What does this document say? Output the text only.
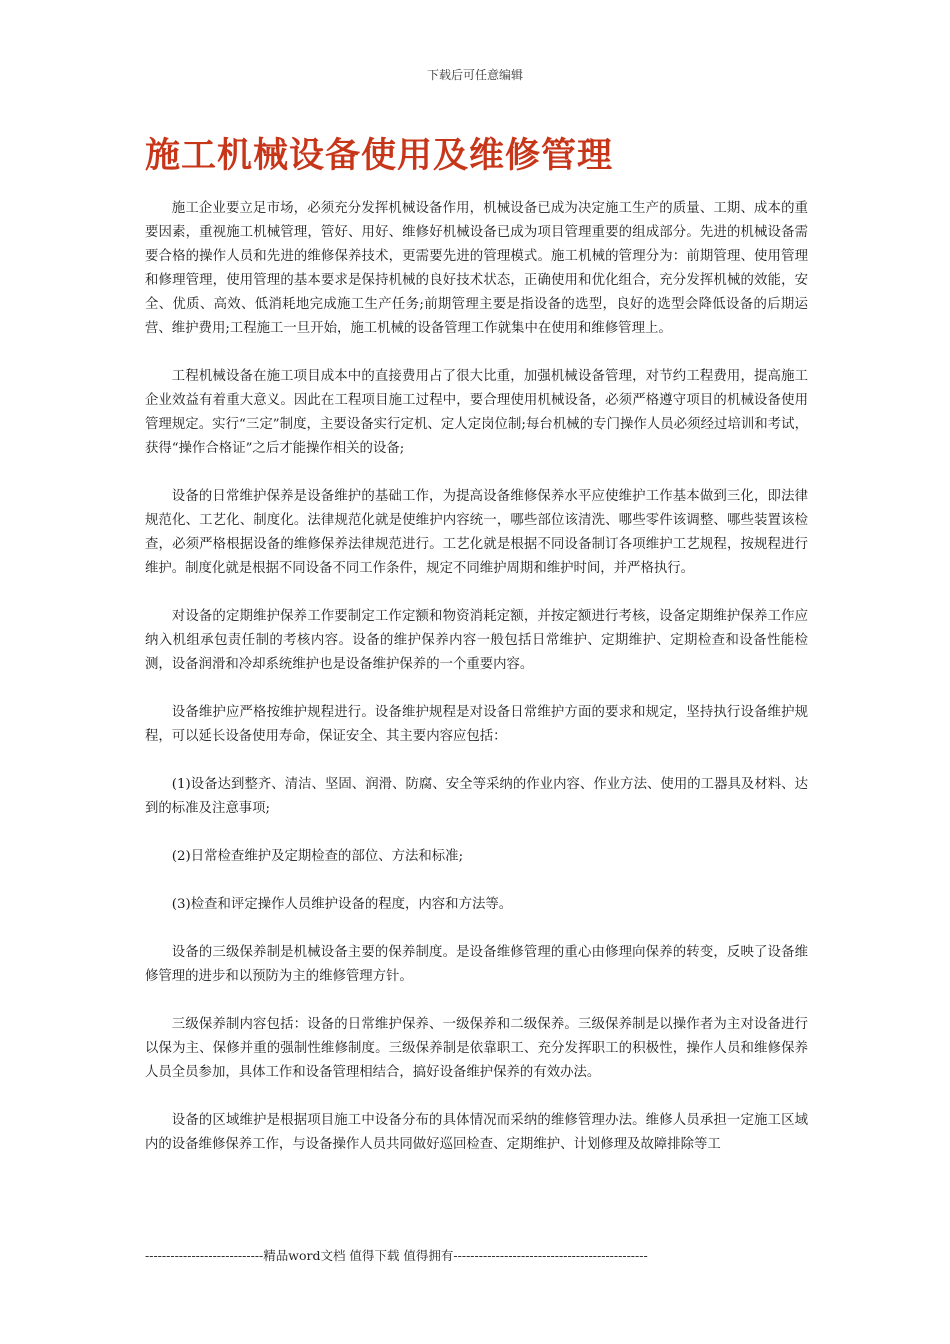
下载后可任意编辑
施工机械设备使用及维修管理

施工企业要立足市场，必须充分发挥机械设备作用，机械设备已成为决定施工生产的质量、工期、成本的重要因素，重视施工机械管理，管好、用好、维修好机械设备已成为项目管理重要的组成部分。先进的机械设备需要合格的操作人员和先进的维修保养技术，更需要先进的管理模式。施工机械的管理分为：前期管理、使用管理和修理管理，使用管理的基本要求是保持机械的良好技术状态，正确使用和优化组合，充分发挥机械的效能，安全、优质、高效、低消耗地完成施工生产任务;前期管理主要是指设备的选型，良好的选型会降低设备的后期运营、维护费用;工程施工一旦开始，施工机械的设备管理工作就集中在使用和维修管理上。

工程机械设备在施工项目成本中的直接费用占了很大比重，加强机械设备管理，对节约工程费用，提高施工企业效益有着重大意义。因此在工程项目施工过程中，要合理使用机械设备，必须严格遵守项目的机械设备使用管理规定。实行“三定”制度，主要设备实行定机、定人定岗位制;每台机械的专门操作人员必须经过培训和考试，获得“操作合格证”之后才能操作相关的设备;

设备的日常维护保养是设备维护的基础工作，为提高设备维修保养水平应使维护工作基本做到三化，即法律规范化、工艺化、制度化。法律规范化就是使维护内容统一，哪些部位该清洗、哪些零件该调整、哪些装置该检查，必须严格根据设备的维修保养法律规范进行。工艺化就是根据不同设备制订各项维护工艺规程，按规程进行维护。制度化就是根据不同设备不同工作条件，规定不同维护周期和维护时间，并严格执行。

对设备的定期维护保养工作要制定工作定额和物资消耗定额，并按定额进行考核，设备定期维护保养工作应纳入机组承包责任制的考核内容。设备的维护保养内容一般包括日常维护、定期维护、定期检查和设备性能检测，设备润滑和冷却系统维护也是设备维护保养的一个重要内容。

设备维护应严格按维护规程进行。设备维护规程是对设备日常维护方面的要求和规定，坚持执行设备维护规程，可以延长设备使用寿命，保证安全、其主要内容应包括：

(1)设备达到整齐、清洁、坚固、润滑、防腐、安全等采纳的作业内容、作业方法、使用的工器具及材料、达到的标准及注意事项;

(2)日常检查维护及定期检查的部位、方法和标准;

(3)检查和评定操作人员维护设备的程度，内容和方法等。

设备的三级保养制是机械设备主要的保养制度。是设备维修管理的重心由修理向保养的转变，反映了设备维修管理的进步和以预防为主的维修管理方针。

三级保养制内容包括：设备的日常维护保养、一级保养和二级保养。三级保养制是以操作者为主对设备进行以保为主、保修并重的强制性维修制度。三级保养制是依靠职工、充分发挥职工的积极性，操作人员和维修保养人员全员参加，具体工作和设备管理相结合，搞好设备维护保养的有效办法。

设备的区域维护是根据项目施工中设备分布的具体情况而采纳的维修管理办法。维修人员承担一定施工区域内的设备维修保养工作，与设备操作人员共同做好巡回检查、定期维护、计划修理及故障排除等工

----------------------------精品word文档 值得下载 值得拥有----------------------------------------------
